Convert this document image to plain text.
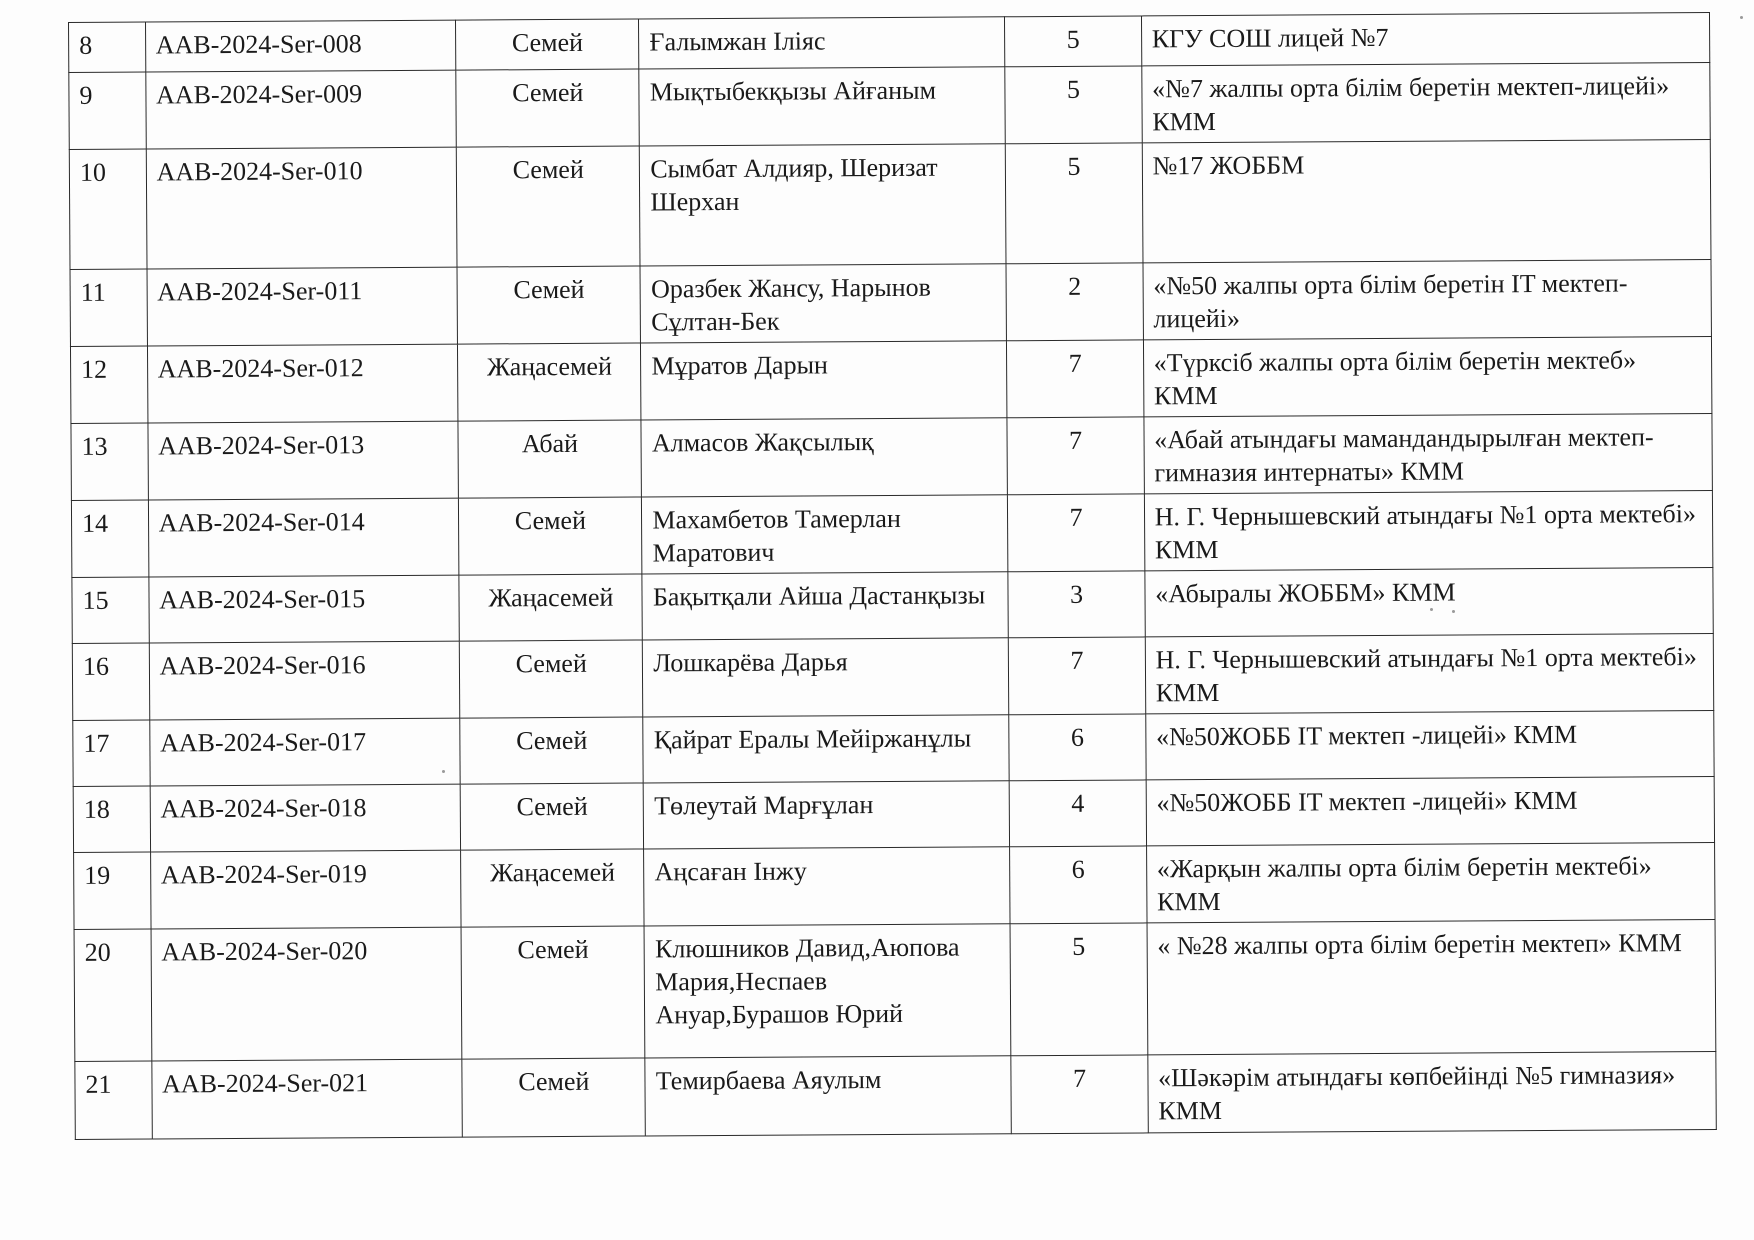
8	AAB-2024-Ser-008	Семей	Ғалымжан Іліяс	5	КГУ СОШ лицей №7
9	AAB-2024-Ser-009	Семей	Мықтыбекқызы Айғаным	5	«№7 жалпы орта білім беретін мектеп-лицейі» КММ
10	AAB-2024-Ser-010	Семей	Сымбат Алдияр, Шеризат Шерхан	5	№17 ЖОББМ
11	AAB-2024-Ser-011	Семей	Оразбек Жансу, Нарынов Сұлтан-Бек	2	«№50 жалпы орта білім беретін IT мектеп-лицейі»
12	AAB-2024-Ser-012	Жаңасемей	Мұратов Дарын	7	«Түрксіб жалпы орта білім беретін мектеб» КММ
13	AAB-2024-Ser-013	Абай	Алмасов Жақсылық	7	«Абай атындағы мамандандырылған мектеп-гимназия интернаты» КММ
14	AAB-2024-Ser-014	Семей	Махамбетов Тамерлан Маратович	7	Н. Г. Чернышевский атындағы №1 орта мектебі» КММ
15	AAB-2024-Ser-015	Жаңасемей	Бақытқали Айша Дастанқызы	3	«Абыралы ЖОББМ» КММ
16	AAB-2024-Ser-016	Семей	Лошкарёва Дарья	7	Н. Г. Чернышевский атындағы №1 орта мектебі» КММ
17	AAB-2024-Ser-017	Семей	Қайрат Ералы Мейіржанұлы	6	«№50ЖОББ IT мектеп -лицейі» КММ
18	AAB-2024-Ser-018	Семей	Төлеутай Марғұлан	4	«№50ЖОББ IT мектеп -лицейі» КММ
19	AAB-2024-Ser-019	Жаңасемей	Аңсаған Інжу	6	«Жарқын жалпы орта білім беретін мектебі» КММ
20	AAB-2024-Ser-020	Семей	Клюшников Давид,Аюпова Мария,Неспаев Ануар,Бурашов Юрий	5	« №28 жалпы орта білім беретін мектеп» КММ
21	AAB-2024-Ser-021	Семей	Темирбаева Аяулым	7	«Шәкәрім атындағы көпбейінді №5 гимназия» КММ
